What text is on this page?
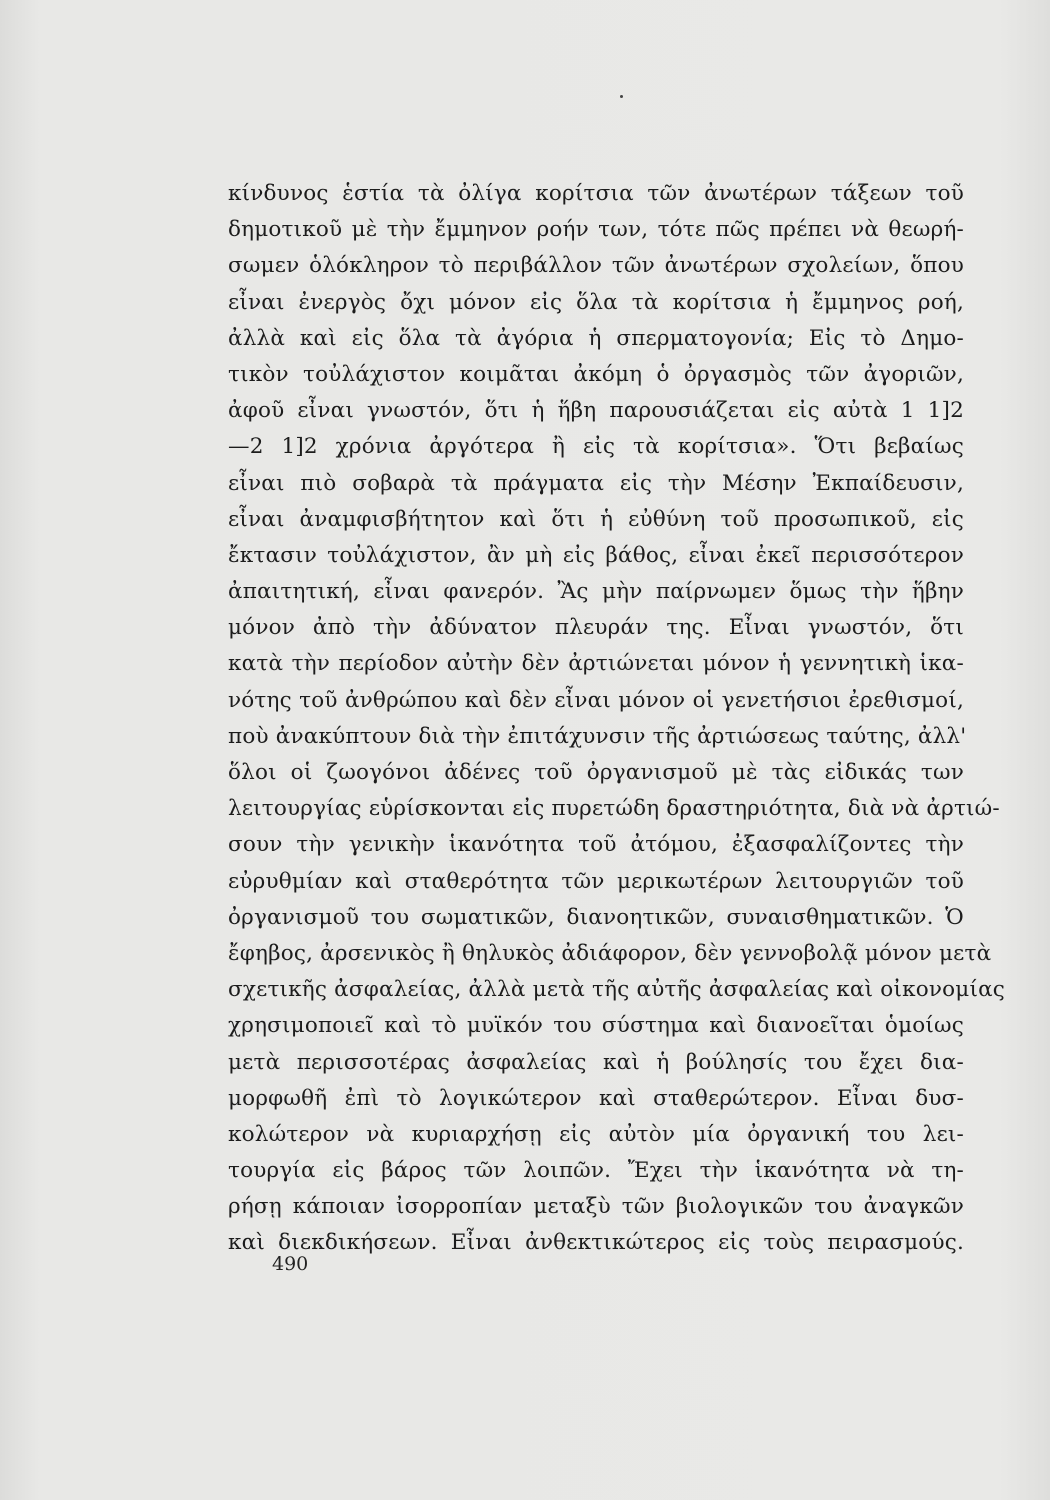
κίνδυνος ἑστία τὰ ὀλίγα κορίτσια τῶν ἀνωτέρων τάξεων τοῦ
δημοτικοῦ μὲ τὴν ἔμμηνον ροήν των, τότε πῶς πρέπει νὰ θεωρή-
σωμεν ὁλόκληρον τὸ περιβάλλον τῶν ἀνωτέρων σχολείων, ὅπου
εἶναι ἐνεργὸς ὄχι μόνον εἰς ὅλα τὰ κορίτσια ἡ ἔμμηνος ροή,
ἀλλὰ καὶ εἰς ὅλα τὰ ἀγόρια ἡ σπερματογονία; Εἰς τὸ Δημο-
τικὸν τοὐλάχιστον κοιμᾶται ἀκόμη ὁ ὀργασμὸς τῶν ἀγοριῶν,
ἀφοῦ εἶναι γνωστόν, ὅτι ἡ ἥβη παρουσιάζεται εἰς αὐτὰ 1 1]2
—2 1]2 χρόνια ἀργότερα ἢ εἰς τὰ κορίτσια». Ὅτι βεβαίως
εἶναι πιὸ σοβαρὰ τὰ πράγματα εἰς τὴν Μέσην Ἐκπαίδευσιν,
εἶναι ἀναμφισβήτητον καὶ ὅτι ἡ εὐθύνη τοῦ προσωπικοῦ, εἰς
ἔκτασιν τοὐλάχιστον, ἂν μὴ εἰς βάθος, εἶναι ἐκεῖ περισσότερον
ἀπαιτητική, εἶναι φανερόν. Ἂς μὴν παίρνωμεν ὅμως τὴν ἥβην
μόνον ἀπὸ τὴν ἀδύνατον πλευράν της. Εἶναι γνωστόν, ὅτι
κατὰ τὴν περίοδον αὐτὴν δὲν ἀρτιώνεται μόνον ἡ γεννητικὴ ἱκα-
νότης τοῦ ἀνθρώπου καὶ δὲν εἶναι μόνον οἱ γενετήσιοι ἐρεθισμοί,
ποὺ ἀνακύπτουν διὰ τὴν ἐπιτάχυνσιν τῆς ἀρτιώσεως ταύτης, ἀλλ'
ὅλοι οἱ ζωογόνοι ἀδένες τοῦ ὀργανισμοῦ μὲ τὰς εἰδικάς των
λειτουργίας εὑρίσκονται εἰς πυρετώδη δραστηριότητα, διὰ νὰ ἀρτιώ-
σουν τὴν γενικὴν ἱκανότητα τοῦ ἀτόμου, ἐξασφαλίζοντες τὴν
εὐρυθμίαν καὶ σταθερότητα τῶν μερικωτέρων λειτουργιῶν τοῦ
ὀργανισμοῦ του σωματικῶν, διανοητικῶν, συναισθηματικῶν. Ὁ
ἔφηβος, ἀρσενικὸς ἢ θηλυκὸς ἀδιάφορον, δὲν γεννοβολᾷ μόνον μετὰ
σχετικῆς ἀσφαλείας, ἀλλὰ μετὰ τῆς αὐτῆς ἀσφαλείας καὶ οἰκονομίας
χρησιμοποιεῖ καὶ τὸ μυϊκόν του σύστημα καὶ διανοεῖται ὁμοίως
μετὰ περισσοτέρας ἀσφαλείας καὶ ἡ βούλησίς του ἔχει δια-
μορφωθῆ ἐπὶ τὸ λογικώτερον καὶ σταθερώτερον. Εἶναι δυσ-
κολώτερον νὰ κυριαρχήσῃ εἰς αὐτὸν μία ὀργανική του λει-
τουργία εἰς βάρος τῶν λοιπῶν. Ἔχει τὴν ἱκανότητα νὰ τη-
ρήσῃ κάποιαν ἰσορροπίαν μεταξὺ τῶν βιολογικῶν του ἀναγκῶν
καὶ διεκδικήσεων. Εἶναι ἀνθεκτικώτερος εἰς τοὺς πειρασμούς.
490
